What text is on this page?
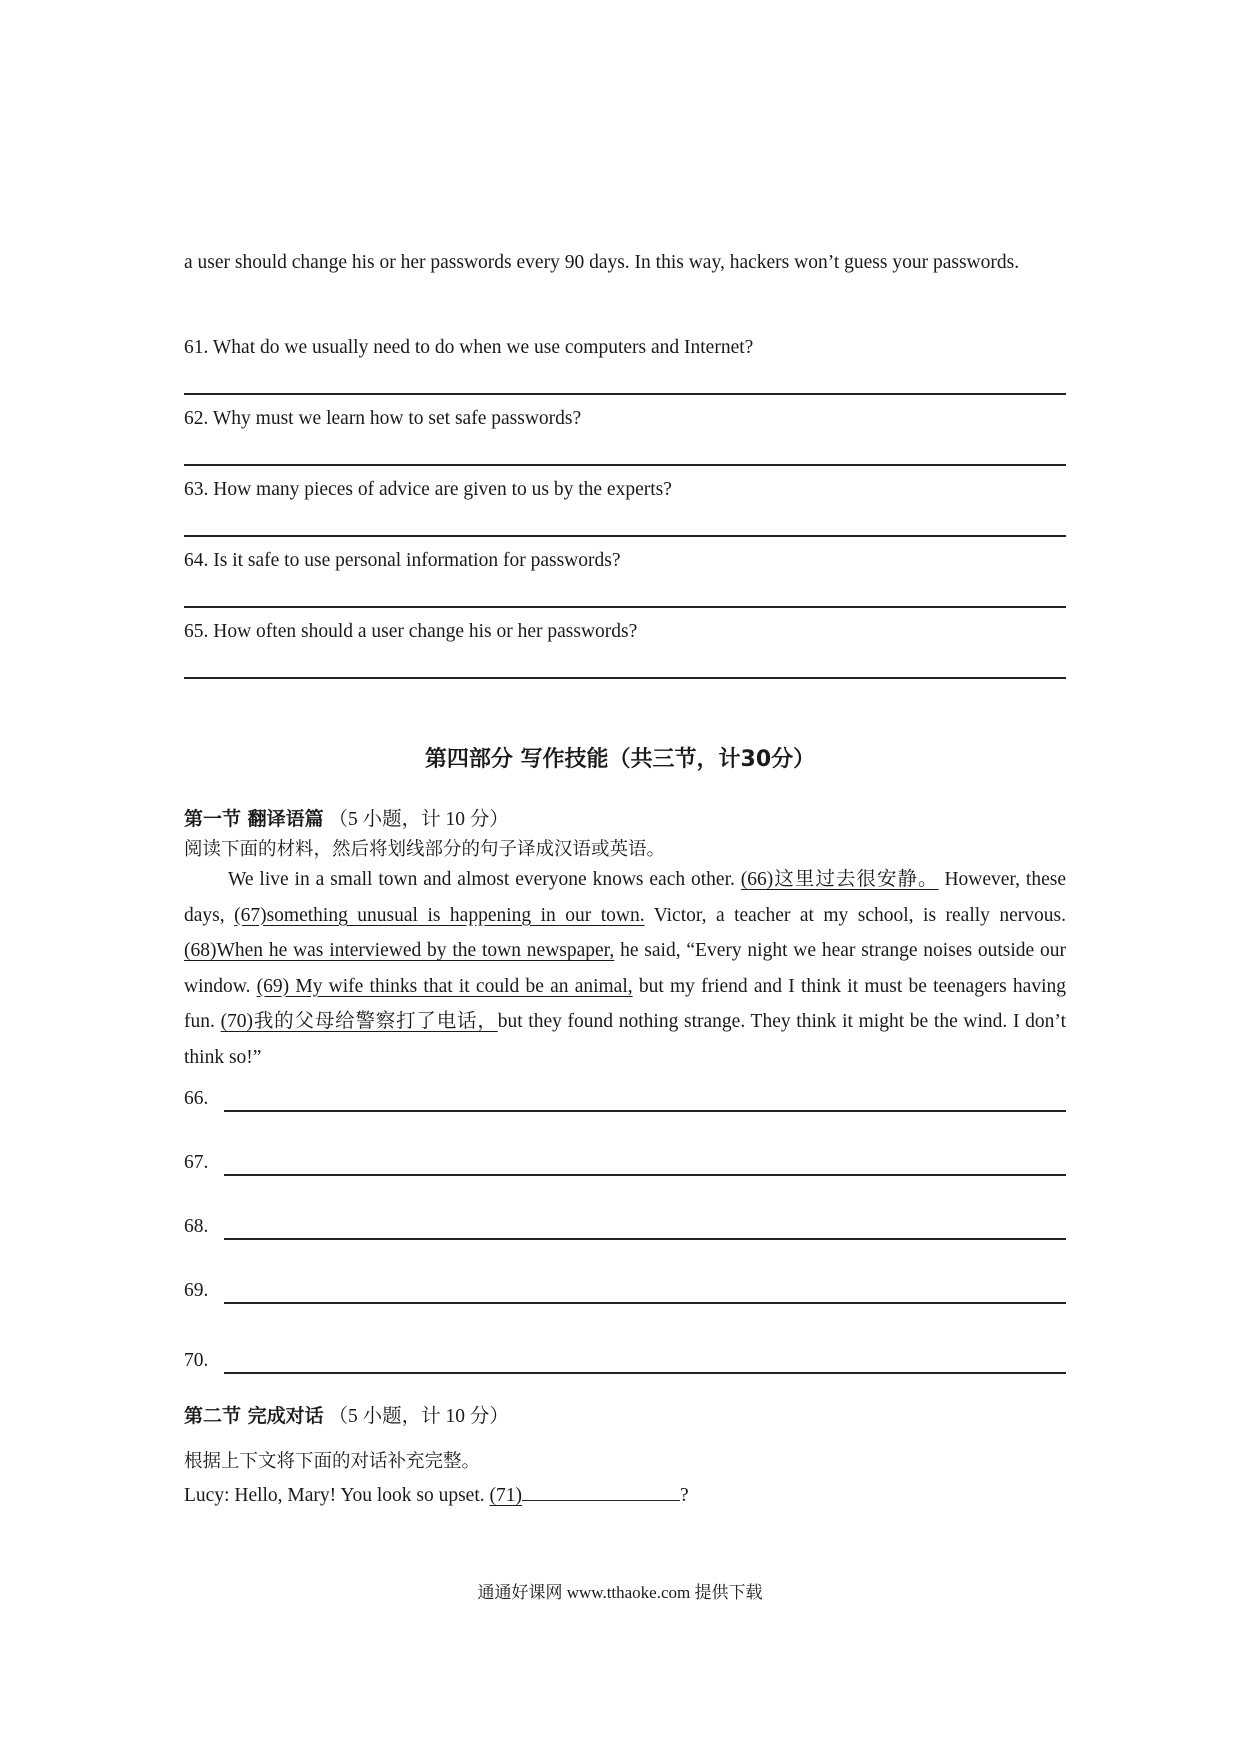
a user should change his or her passwords every 90 days. In this way, hackers won’t guess your passwords.
61. What do we usually need to do when we use computers and Internet?
62. Why must we learn how to set safe passwords?
63. How many pieces of advice are given to us by the experts?
64. Is it safe to use personal information for passwords?
65. How often should a user change his or her passwords?
第四部分 写作技能（共三节，计30分）
第一节 翻译语篇 （5 小题，计 10 分）
阅读下面的材料，然后将划线部分的句子译成汉语或英语。
We live in a small town and almost everyone knows each other. (66)这里过去很安静。 However, these days, (67)something unusual is happening in our town. Victor, a teacher at my school, is really nervous. (68)When he was interviewed by the town newspaper, he said, “Every night we hear strange noises outside our window. (69) My wife thinks that it could be an animal, but my friend and I think it must be teenagers having fun. (70)我的父母给警察打了电话，but they found nothing strange. They think it might be the wind. I don’t think so!”
66.
67.
68.
69.
70.
第二节 完成对话 （5 小题，计 10 分）
根据上下文将下面的对话补充完整。
Lucy: Hello, Mary! You look so upset. (71)	?
通通好课网 www.tthaoke.com 提供下载
